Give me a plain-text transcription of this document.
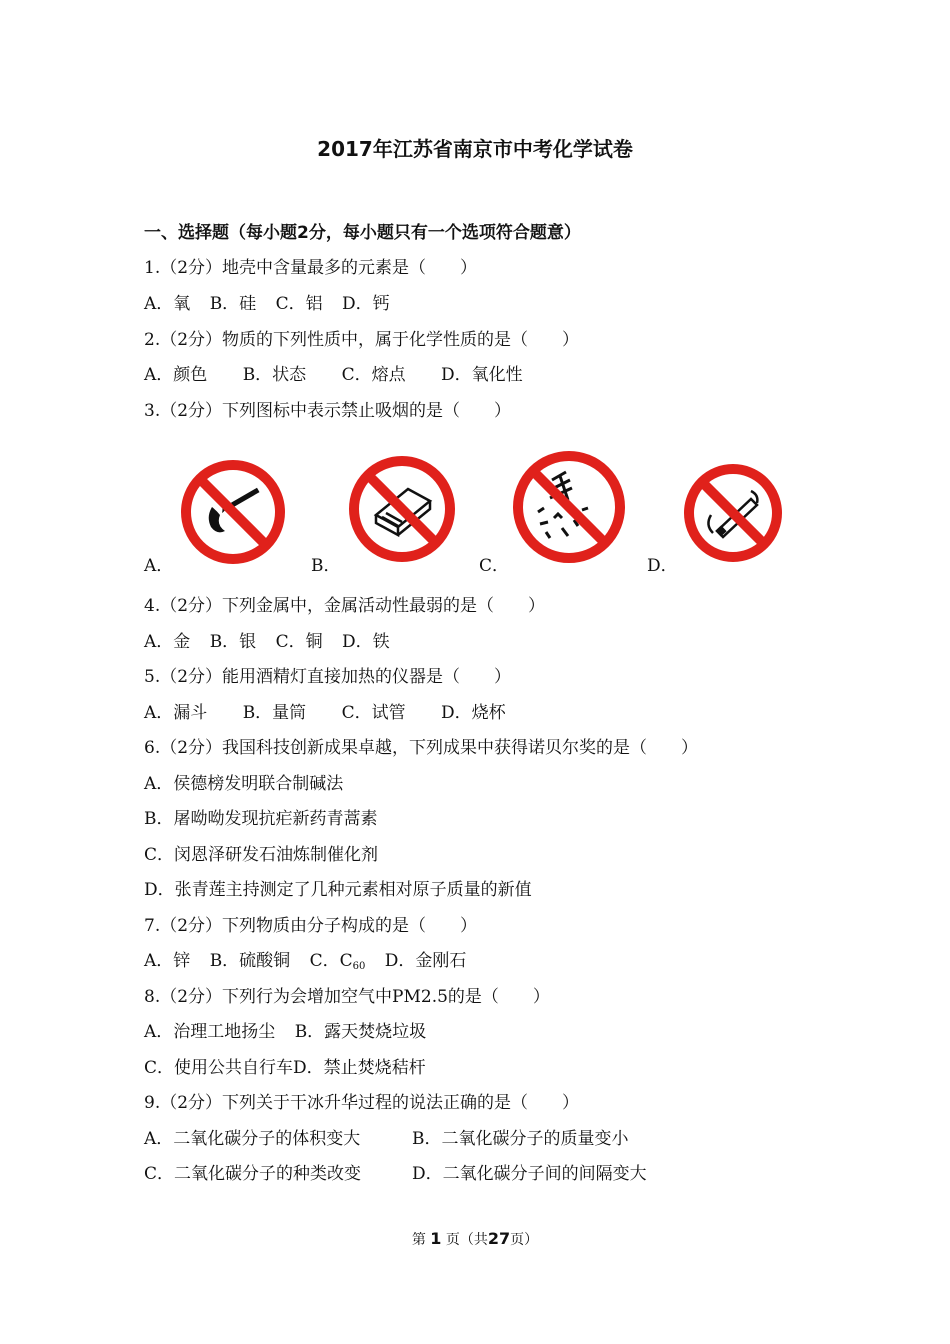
2017年江苏省南京市中考化学试卷
一、选择题（每小题2分，每小题只有一个选项符合题意）
1.（2分）地壳中含量最多的元素是（　　）
A．氧 B．硅 C．铝 D．钙
2.（2分）物质的下列性质中，属于化学性质的是（　　）
A．颜色 B．状态 C．熔点 D．氧化性
3.（2分）下列图标中表示禁止吸烟的是（　　）
A．	B．	C．	D．
4.（2分）下列金属中，金属活动性最弱的是（　　）
A．金 B．银 C．铜 D．铁
5.（2分）能用酒精灯直接加热的仪器是（　　）
A．漏斗 B．量筒 C．试管 D．烧杯
6.（2分）我国科技创新成果卓越，下列成果中获得诺贝尔奖的是（　　）
A．侯德榜发明联合制碱法
B．屠呦呦发现抗疟新药青蒿素
C．闵恩泽研发石油炼制催化剂
D．张青莲主持测定了几种元素相对原子质量的新值
7.（2分）下列物质由分子构成的是（　　）
A．锌 B．硫酸铜 C．$C_{60}$ D．金刚石
8.（2分）下列行为会增加空气中PM2.5的是（　　）
A．治理工地扬尘 B．露天焚烧垃圾
C．使用公共自行车D．禁止焚烧秸杆
9.（2分）下列关于干冰升华过程的说法正确的是（　　）
A．二氧化碳分子的体积变大	B．二氧化碳分子的质量变小
C．二氧化碳分子的种类改变	D．二氧化碳分子间的间隔变大
第 1 页（共27页）
